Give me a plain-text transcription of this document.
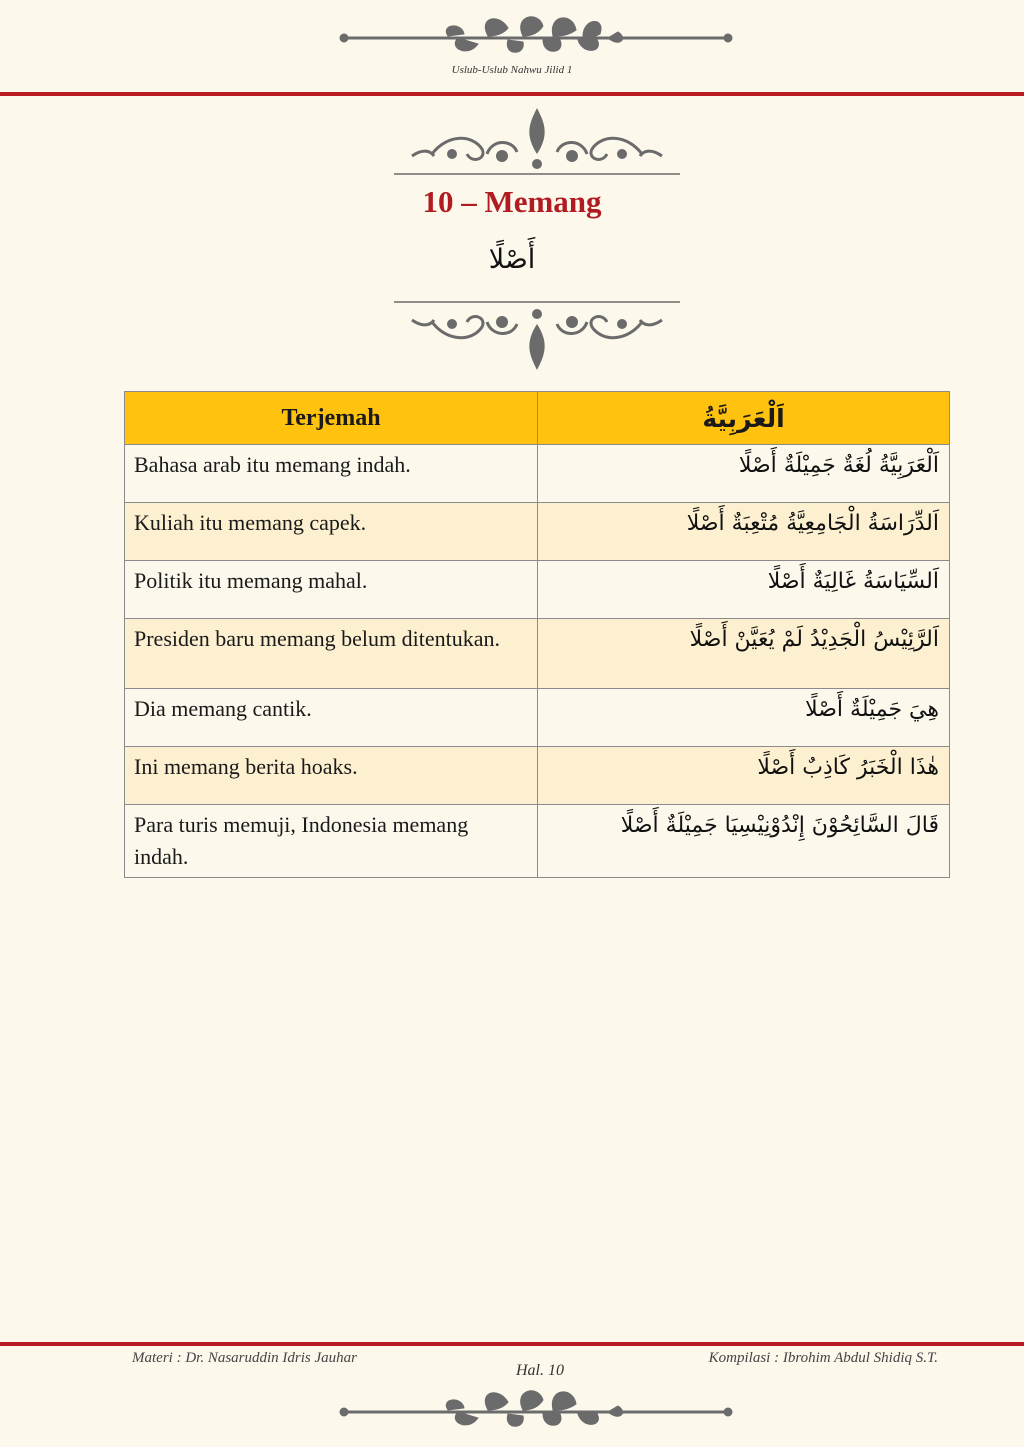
Uslub-Uslub Nahwu Jilid 1
10 – Memang
أَصْلًا
Terjemah	اَلْعَرَبِيَّةُ
Bahasa arab itu memang indah.	اَلْعَرَبِيَّةُ لُغَةٌ جَمِيْلَةٌ أَصْلًا
Kuliah itu memang capek.	اَلدِّرَاسَةُ الْجَامِعِيَّةُ مُتْعِبَةٌ أَصْلًا
Politik itu memang mahal.	اَلسِّيَاسَةُ غَالِيَةٌ أَصْلًا
Presiden baru memang belum ditentukan.	اَلرَّئِيْسُ الْجَدِيْدُ لَمْ يُعَيَّنْ أَصْلًا
Dia memang cantik.	هِيَ جَمِيْلَةٌ أَصْلًا
Ini memang berita hoaks.	هٰذَا الْخَبَرُ كَاذِبٌ أَصْلًا
Para turis memuji, Indonesia memang indah.	قَالَ السَّائِحُوْنَ إِنْدُوْنِيْسِيَا جَمِيْلَةٌ أَصْلًا
Materi : Dr. Nasaruddin Idris Jauhar	Kompilasi : Ibrohim Abdul Shidiq S.T.
Hal. 10
